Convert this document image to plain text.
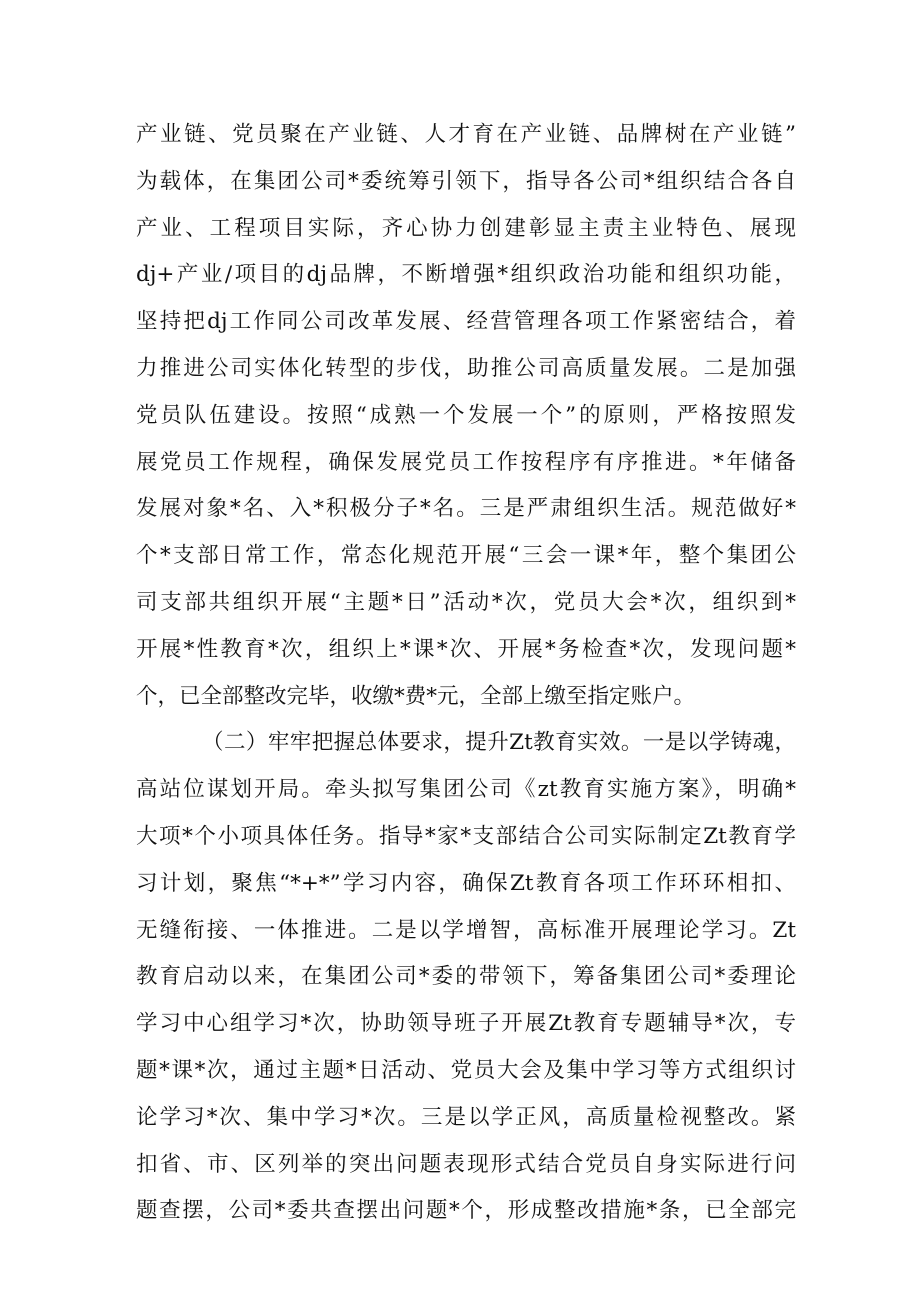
产业链、党员聚在产业链、人才育在产业链、品牌树在产业链”
为载体，在集团公司*委统筹引领下，指导各公司*组织结合各自
产业、工程项目实际，齐心协力创建彰显主责主业特色、展现
dj+产业/项目的dj品牌，不断增强*组织政治功能和组织功能，
坚持把dj工作同公司改革发展、经营管理各项工作紧密结合，着
力推进公司实体化转型的步伐，助推公司高质量发展。二是加强
党员队伍建设。按照“成熟一个发展一个”的原则，严格按照发
展党员工作规程，确保发展党员工作按程序有序推进。*年储备
发展对象*名、入*积极分子*名。三是严肃组织生活。规范做好*
个*支部日常工作，常态化规范开展“三会一课*年，整个集团公
司支部共组织开展“主题*日”活动*次，党员大会*次，组织到*
开展*性教育*次，组织上*课*次、开展*务检查*次，发现问题*
个，已全部整改完毕，收缴*费*元，全部上缴至指定账户。
（二）牢牢把握总体要求，提升Zt教育实效。一是以学铸魂，
高站位谋划开局。牵头拟写集团公司《zt教育实施方案》，明确*
大项*个小项具体任务。指导*家*支部结合公司实际制定Zt教育学
习计划，聚焦“*+*”学习内容，确保Zt教育各项工作环环相扣、
无缝衔接、一体推进。二是以学增智，高标准开展理论学习。Zt
教育启动以来，在集团公司*委的带领下，筹备集团公司*委理论
学习中心组学习*次，协助领导班子开展Zt教育专题辅导*次，专
题*课*次，通过主题*日活动、党员大会及集中学习等方式组织讨
论学习*次、集中学习*次。三是以学正风，高质量检视整改。紧
扣省、市、区列举的突出问题表现形式结合党员自身实际进行问
题查摆，公司*委共查摆出问题*个，形成整改措施*条，已全部完
